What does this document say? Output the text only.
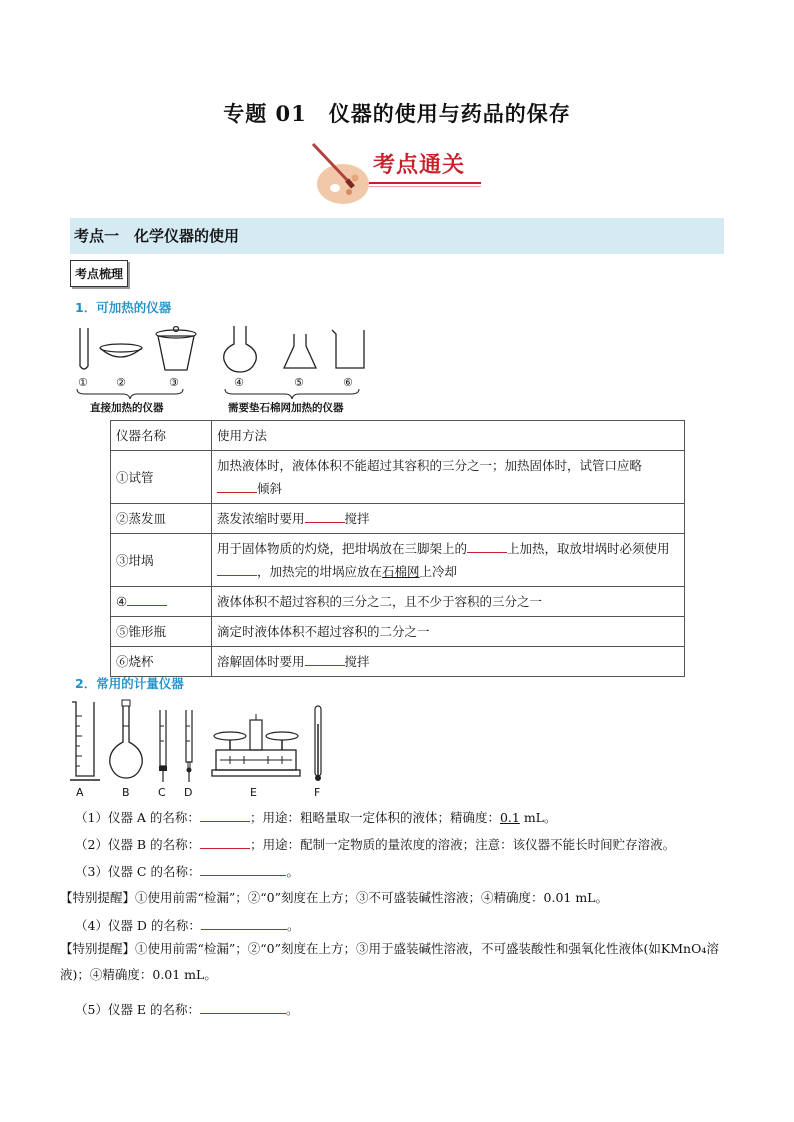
专题 01　仪器的使用与药品的保存
考点通关
考点一　化学仪器的使用
考点梳理
1．可加热的仪器
①	②	③	④	⑤	⑥
直接加热的仪器	需要垫石棉网加热的仪器
仪器名称	使用方法
①试管	加热液体时，液体体积不能超过其容积的三分之一；加热固体时，试管口应略倾斜
②蒸发皿	蒸发浓缩时要用 搅拌
③坩埚	用于固体物质的灼烧，把坩埚放在三脚架上的 上加热，取放坩埚时必须使用，加热完的坩埚应放在石棉网上冷却
④	液体体积不超过容积的三分之二，且不少于容积的三分之一
⑤锥形瓶	滴定时液体体积不超过容积的二分之一
⑥烧杯	溶解固体时要用 搅拌
2．常用的计量仪器
A	B	C D	E	F
（1）仪器 A 的名称：	；用途：粗略量取一定体积的液体；精确度：0.1 mL。
（2）仪器 B 的名称：	；用途：配制一定物质的量浓度的溶液；注意：该仪器不能长时间贮存溶液。
（3）仪器 C 的名称：	。
【特别提醒】①使用前需“检漏”；②“0”刻度在上方；③不可盛装碱性溶液；④精确度：0.01 mL。
（4）仪器 D 的名称：	。
【特别提醒】①使用前需“检漏”；②“0”刻度在上方；③用于盛装碱性溶液，不可盛装酸性和强氧化性液体(如KMnO₄溶液)；④精确度：0.01 mL。
（5）仪器 E 的名称：	。
